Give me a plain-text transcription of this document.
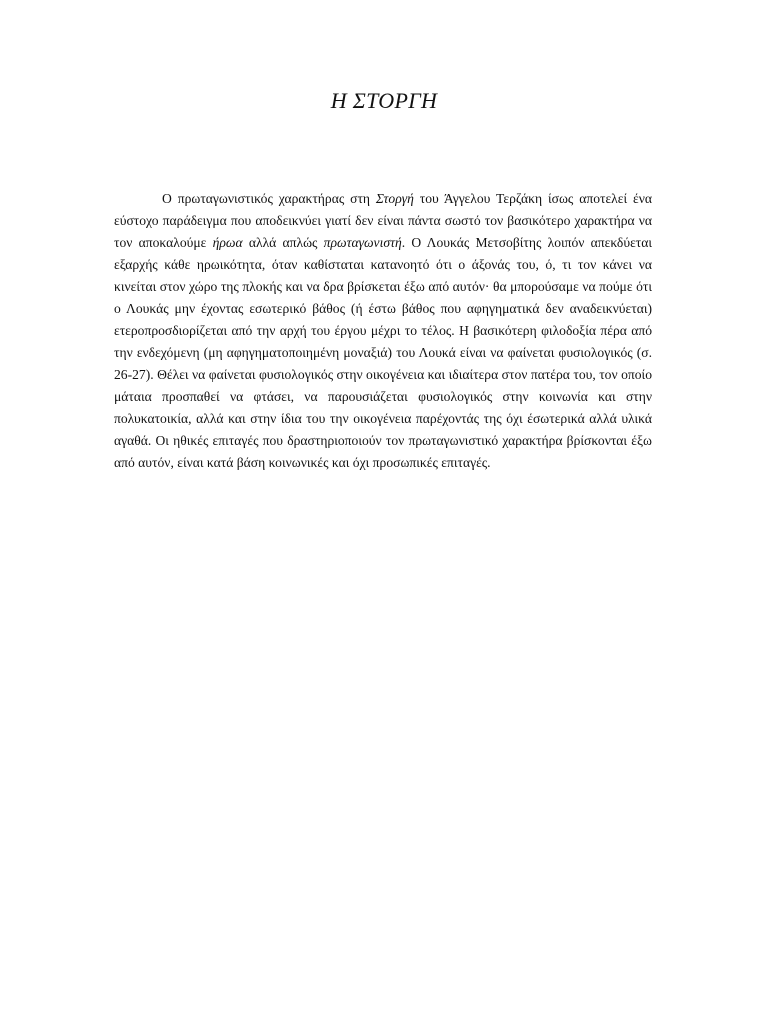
Η ΣΤΟΡΓΗ

Ο πρωταγωνιστικός χαρακτήρας στη Στοργή του Άγγελου Τερζάκη ίσως αποτελεί ένα εύστοχο παράδειγμα που αποδεικνύει γιατί δεν είναι πάντα σωστό τον βασικότερο χαρακτήρα να τον αποκαλούμε ήρωα αλλά απλώς πρωταγωνιστή. Ο Λουκάς Μετσοβίτης λοιπόν απεκδύεται εξαρχής κάθε ηρωικότητα, όταν καθίσταται κατανοητό ότι ο άξονάς του, ό, τι τον κάνει να κινείται στον χώρο της πλοκής και να δρα βρίσκεται έξω από αυτόν· θα μπορούσαμε να πούμε ότι ο Λουκάς μην έχοντας εσωτερικό βάθος (ή έστω βάθος που αφηγηματικά δεν αναδεικνύεται) ετεροπροσδιορίζεται από την αρχή του έργου μέχρι το τέλος. Η βασικότερη φιλοδοξία πέρα από την ενδεχόμενη (μη αφηγηματοποιημένη μοναξιά) του Λουκά είναι να φαίνεται φυσιολογικός (σ. 26-27). Θέλει να φαίνεται φυσιολογικός στην οικογένεια και ιδιαίτερα στον πατέρα του, τον οποίο μάταια προσπαθεί να φτάσει, να παρουσιάζεται φυσιολογικός στην κοινωνία και στην πολυκατοικία, αλλά και στην ίδια του την οικογένεια παρέχοντάς της όχι έσωτερικά αλλά υλικά αγαθά. Οι ηθικές επιταγές που δραστηριοποιούν τον πρωταγωνιστικό χαρακτήρα βρίσκονται έξω από αυτόν, είναι κατά βάση κοινωνικές και όχι προσωπικές επιταγές.
